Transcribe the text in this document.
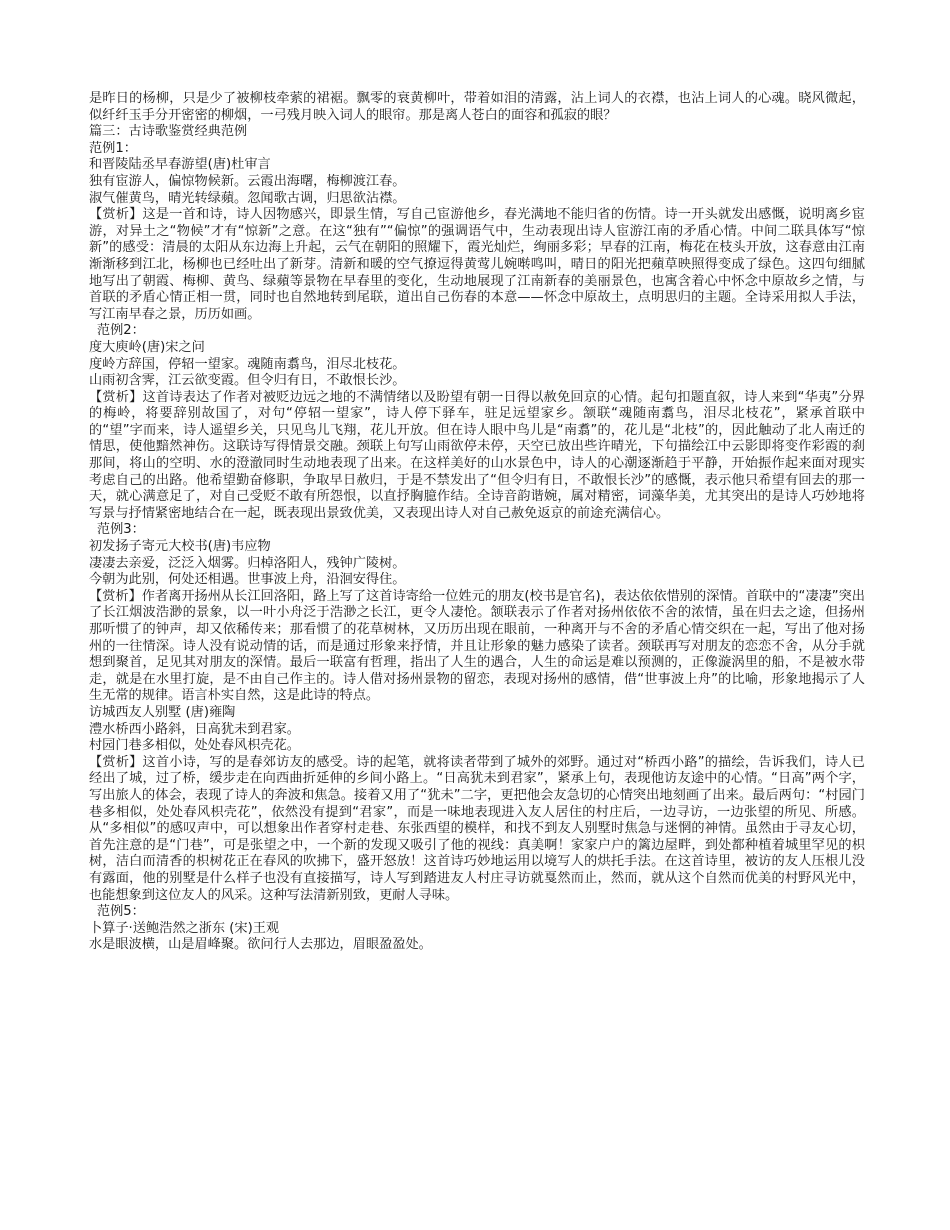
是昨日的杨柳，只是少了被柳枝牵萦的裙裾。飘零的衰黄柳叶，带着如泪的清露，沾上词人的衣襟，也沾上词人的心魂。晓风微起，似纤纤玉手分开密密的柳烟，一弓残月映入词人的眼帘。那是离人苍白的面容和孤寂的眼？

篇三：古诗歌鉴赏经典范例

范例1：

和晋陵陆丞早春游望(唐)杜审言

独有宦游人，偏惊物候新。云霞出海曙，梅柳渡江春。

淑气催黄鸟，晴光转绿蘋。忽闻歌古调，归思欲沾襟。

【赏析】这是一首和诗，诗人因物感兴，即景生情，写自己宦游他乡，春光满地不能归省的伤情。诗一开头就发出感慨，说明离乡宦游，对异土之“物候”才有“惊新”之意。在这“独有”“偏惊”的强调语气中，生动表现出诗人宦游江南的矛盾心情。中间二联具体写“惊新”的感受：清晨的太阳从东边海上升起，云气在朝阳的照耀下，霞光灿烂，绚丽多彩；早春的江南，梅花在枝头开放，这春意由江南渐渐移到江北，杨柳也已经吐出了新芽。清新和暖的空气撩逗得黄莺儿婉啭鸣叫，晴日的阳光把蘋草映照得变成了绿色。这四句细腻地写出了朝霞、梅柳、黄鸟、绿蘋等景物在早春里的变化，生动地展现了江南新春的美丽景色，也寓含着心中怀念中原故乡之情，与首联的矛盾心情正相一贯，同时也自然地转到尾联，道出自己伤春的本意——怀念中原故土，点明思归的主题。全诗采用拟人手法，写江南早春之景，历历如画。

范例2：

度大庾岭(唐)宋之问

度岭方辞国，停轺一望家。魂随南翥鸟，泪尽北枝花。

山雨初含霁，江云欲变霞。但令归有日，不敢恨长沙。

【赏析】这首诗表达了作者对被贬边远之地的不满情绪以及盼望有朝一日得以赦免回京的心情。起句扣题直叙，诗人来到“华夷”分界的梅岭，将要辞别故国了，对句“停轺一望家”，诗人停下驿车，驻足远望家乡。颔联“魂随南翥鸟，泪尽北枝花”，紧承首联中的“望”字而来，诗人遥望乡关，只见鸟儿飞翔，花儿开放。但在诗人眼中鸟儿是“南翥”的，花儿是“北枝”的，因此触动了北人南迁的情思，使他黯然神伤。这联诗写得情景交融。颈联上句写山雨欲停未停，天空已放出些许晴光，下句描绘江中云影即将变作彩霞的刹那间，将山的空明、水的澄澈同时生动地表现了出来。在这样美好的山水景色中，诗人的心潮逐渐趋于平静，开始振作起来面对现实考虑自己的出路。他希望勤奋修职，争取早日赦归，于是不禁发出了“但令归有日，不敢恨长沙”的感慨，表示他只希望有回去的那一天，就心满意足了，对自己受贬不敢有所怨恨，以直抒胸臆作结。全诗音韵谐婉，属对精密，词藻华美，尤其突出的是诗人巧妙地将写景与抒情紧密地结合在一起，既表现出景致优美，又表现出诗人对自己赦免返京的前途充满信心。

范例3：

初发扬子寄元大校书(唐)韦应物

凄凄去亲爱，泛泛入烟雾。归棹洛阳人，残钟广陵树。

今朝为此别，何处还相遇。世事波上舟，沿洄安得住。

【赏析】作者离开扬州从长江回洛阳，路上写了这首诗寄给一位姓元的朋友(校书是官名)，表达依依惜别的深情。首联中的“凄凄”突出了长江烟波浩渺的景象，以一叶小舟泛于浩渺之长江，更令人凄怆。颔联表示了作者对扬州依依不舍的浓情，虽在归去之途，但扬州那听惯了的钟声，却又依稀传来；那看惯了的花草树林，又历历出现在眼前，一种离开与不舍的矛盾心情交织在一起，写出了他对扬州的一往情深。诗人没有说动情的话，而是通过形象来抒情，并且让形象的魅力感染了读者。颈联再写对朋友的恋恋不舍，从分手就想到聚首，足见其对朋友的深情。最后一联富有哲理，指出了人生的遇合，人生的命运是难以预测的，正像漩涡里的船，不是被水带走，就是在水里打旋，是不由自己作主的。诗人借对扬州景物的留恋，表现对扬州的感情，借“世事波上舟”的比喻，形象地揭示了人生无常的规律。语言朴实自然，这是此诗的特点。

访城西友人别墅 (唐)雍陶

澧水桥西小路斜，日高犹未到君家。

村园门巷多相似，处处春风枳壳花。

【赏析】这首小诗，写的是春郊访友的感受。诗的起笔，就将读者带到了城外的郊野。通过对“桥西小路”的描绘，告诉我们，诗人已经出了城，过了桥，缓步走在向西曲折延伸的乡间小路上。“日高犹未到君家”，紧承上句，表现他访友途中的心情。“日高”两个字，写出旅人的体会，表现了诗人的奔波和焦急。接着又用了“犹未”二字，更把他会友急切的心情突出地刻画了出来。最后两句：“村园门巷多相似，处处春风枳壳花”，依然没有提到“君家”，而是一味地表现进入友人居住的村庄后，一边寻访，一边张望的所见、所感。从“多相似”的感叹声中，可以想象出作者穿村走巷、东张西望的模样，和找不到友人别墅时焦急与迷惘的神情。虽然由于寻友心切，首先注意的是“门巷”，可是张望之中，一个新的发现又吸引了他的视线：真美啊！家家户户的篱边屋畔，到处都种植着城里罕见的枳树，洁白而清香的枳树花正在春风的吹拂下，盛开怒放！这首诗巧妙地运用以境写人的烘托手法。在这首诗里，被访的友人压根儿没有露面，他的别墅是什么样子也没有直接描写，诗人写到踏进友人村庄寻访就戛然而止，然而，就从这个自然而优美的村野风光中，也能想象到这位友人的风采。这种写法清新别致，更耐人寻味。

范例5：

卜算子·送鲍浩然之浙东 (宋)王观

水是眼波横，山是眉峰聚。欲问行人去那边，眉眼盈盈处。
